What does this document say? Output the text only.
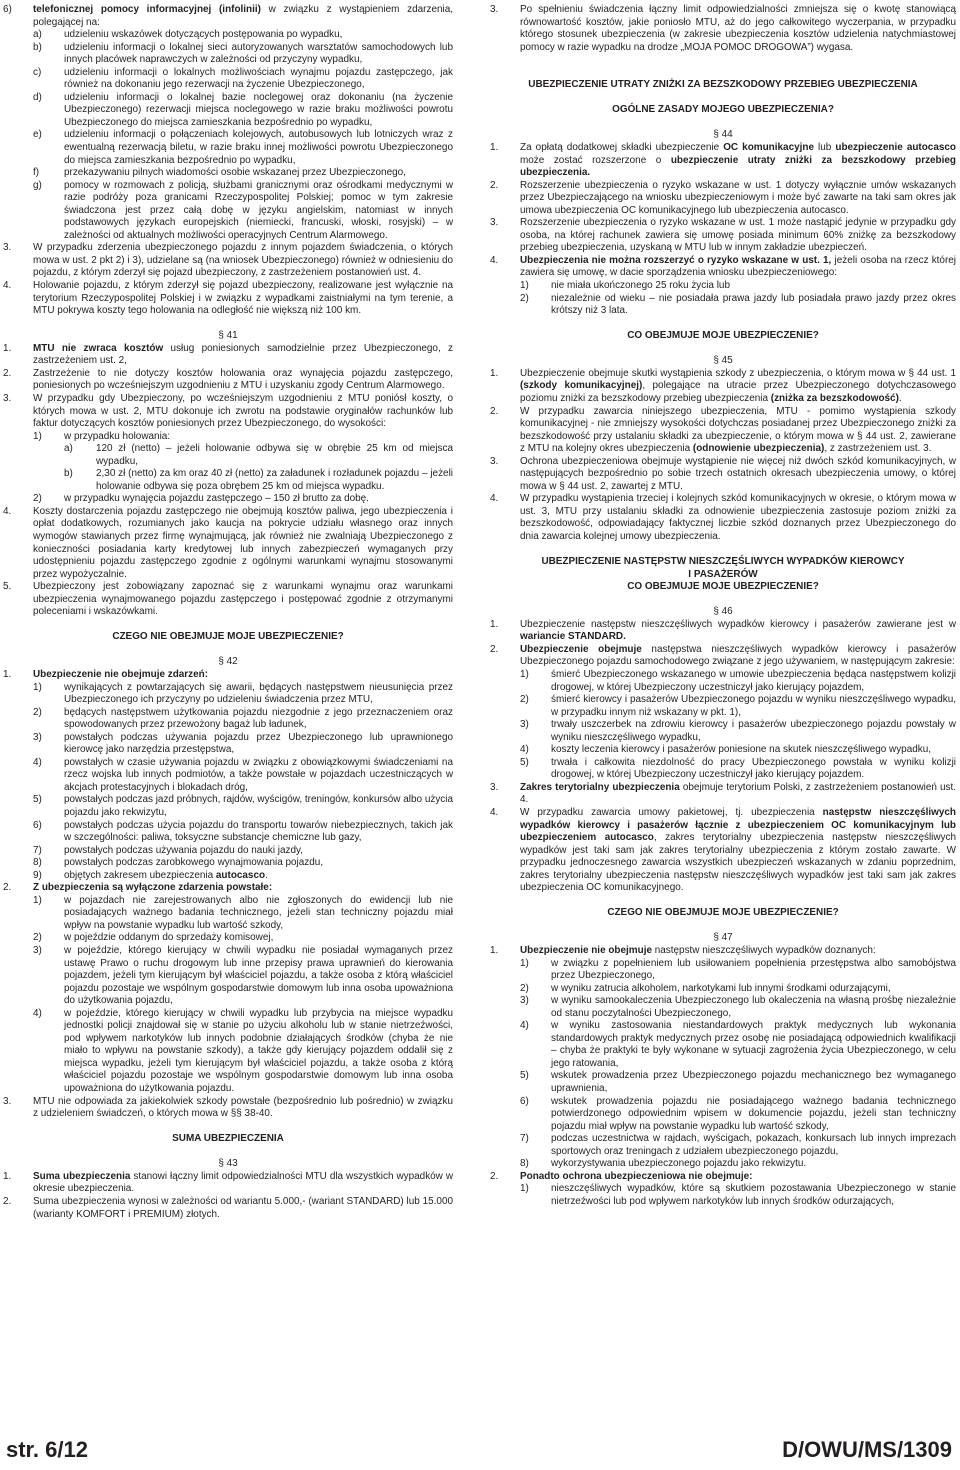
6)	telefonicznej pomocy informacyjnej (infolinii) w związku z wystąpieniem zdarzenia, polegającej na:
a)	udzieleniu wskazówek dotyczących postępowania po wypadku,
b)	udzieleniu informacji o lokalnej sieci autoryzowanych warsztatów samochodowych lub innych placówek naprawczych w zależności od przyczyny wypadku,
c)	udzieleniu informacji o lokalnych możliwościach wynajmu pojazdu zastępczego, jak również na dokonaniu jego rezerwacji na życzenie Ubezpieczonego,
d)	udzieleniu informacji o lokalnej bazie noclegowej oraz dokonaniu (na życzenie Ubezpieczonego) rezerwacji miejsca noclegowego w razie braku możliwości powrotu Ubezpieczonego do miejsca zamieszkania bezpośrednio po wypadku,
e)	udzieleniu informacji o połączeniach kolejowych, autobusowych lub lotniczych wraz z ewentualną rezerwacją biletu, w razie braku innej możliwości powrotu Ubezpieczonego do miejsca zamieszkania bezpośrednio po wypadku,
f)	przekazywaniu pilnych wiadomości osobie wskazanej przez Ubezpieczonego,
g)	pomocy w rozmowach z policją, służbami granicznymi oraz ośrodkami medycznymi w razie podróży poza granicami Rzeczypospolitej Polskiej; pomoc w tym zakresie świadczona jest przez całą dobę w języku angielskim, natomiast w innych podstawowych językach europejskich (niemiecki, francuski, włoski, rosyjski) – w zależności od aktualnych możliwości operacyjnych Centrum Alarmowego.
3.	W przypadku zderzenia ubezpieczonego pojazdu z innym pojazdem świadczenia, o których mowa w ust. 2 pkt 2) i 3), udzielane są (na wniosek Ubezpieczonego) również w odniesieniu do pojazdu, z którym zderzył się pojazd ubezpieczony, z zastrzeżeniem postanowień ust. 4.
4.	Holowanie pojazdu, z którym zderzył się pojazd ubezpieczony, realizowane jest wyłącznie na terytorium Rzeczypospolitej Polskiej i w związku z wypadkami zaistniałymi na tym terenie, a MTU pokrywa koszty tego holowania na odległość nie większą niż 100 km.
§ 41
1.	MTU nie zwraca kosztów usług poniesionych samodzielnie przez Ubezpieczonego, z zastrzeżeniem ust. 2,
2.	Zastrzeżenie to nie dotyczy kosztów holowania oraz wynajęcia pojazdu zastępczego, poniesionych po wcześniejszym uzgodnieniu z MTU i uzyskaniu zgody Centrum Alarmowego.
3.	W przypadku gdy Ubezpieczony, po wcześniejszym uzgodnieniu z MTU poniósł koszty, o których mowa w ust. 2, MTU dokonuje ich zwrotu na podstawie oryginałów rachunków lub faktur dotyczących kosztów poniesionych przez Ubezpieczonego, do wysokości:
1)	w przypadku holowania:
a)	120 zł (netto) – jeżeli holowanie odbywa się w obrębie 25 km od miejsca wypadku,
b)	2,30 zł (netto) za km oraz 40 zł (netto) za załadunek i rozładunek pojazdu – jeżeli holowanie odbywa się poza obrębem 25 km od miejsca wypadku.
2)	w przypadku wynajęcia pojazdu zastępczego – 150 zł brutto za dobę.
4.	Koszty dostarczenia pojazdu zastępczego nie obejmują kosztów paliwa, jego ubezpieczenia i opłat dodatkowych, rozumianych jako kaucja na pokrycie udziału własnego oraz innych wymogów stawianych przez firmę wynajmującą, jak również nie zwalniają Ubezpieczonego z konieczności posiadania karty kredytowej lub innych zabezpieczeń wymaganych przy udostępnieniu pojazdu zastępczego zgodnie z ogólnymi warunkami wynajmu stosowanymi przez wypożyczalnie.
5.	Ubezpieczony jest zobowiązany zapoznać się z warunkami wynajmu oraz warunkami ubezpieczenia wynajmowanego pojazdu zastępczego i postępować zgodnie z otrzymanymi poleceniami i wskazówkami.
CZEGO NIE OBEJMUJE MOJE UBEZPIECZENIE?
§ 42
1.	Ubezpieczenie nie obejmuje zdarzeń:
1)	wynikających z powtarzających się awarii, będących następstwem nieusunięcia przez Ubezpieczonego ich przyczyny po udzieleniu świadczenia przez MTU,
2)	będących następstwem użytkowania pojazdu niezgodnie z jego przeznaczeniem oraz spowodowanych przez przewożony bagaż lub ładunek,
3)	powstałych podczas używania pojazdu przez Ubezpieczonego lub uprawnionego kierowcę jako narzędzia przestępstwa,
4)	powstałych w czasie używania pojazdu w związku z obowiązkowymi świadczeniami na rzecz wojska lub innych podmiotów, a także powstałe w pojazdach uczestniczących w akcjach protestacyjnych i blokadach dróg,
5)	powstałych podczas jazd próbnych, rajdów, wyścigów, treningów, konkursów albo użycia pojazdu jako rekwizytu,
6)	powstałych podczas użycia pojazdu do transportu towarów niebezpiecznych, takich jak w szczególności: paliwa, toksyczne substancje chemiczne lub gazy,
7)	powstałych podczas używania pojazdu do nauki jazdy,
8)	powstałych podczas zarobkowego wynajmowania pojazdu,
9)	objętych zakresem ubezpieczenia autocasco.
2.	Z ubezpieczenia są wyłączone zdarzenia powstałe:
1)	w pojazdach nie zarejestrowanych albo nie zgłoszonych do ewidencji lub nie posiadających ważnego badania technicznego, jeżeli stan techniczny pojazdu miał wpływ na powstanie wypadku lub wartość szkody,
2)	w pojeździe oddanym do sprzedaży komisowej,
3)	w pojeździe, którego kierujący w chwili wypadku nie posiadał wymaganych przez ustawę Prawo o ruchu drogowym lub inne przepisy prawa uprawnień do kierowania pojazdem, jeżeli tym kierującym był właściciel pojazdu, a także osoba z którą właściciel pojazdu pozostaje we wspólnym gospodarstwie domowym lub inna osoba upoważniona do użytkowania pojazdu,
4)	w pojeździe, którego kierujący w chwili wypadku lub przybycia na miejsce wypadku jednostki policji znajdował się w stanie po użyciu alkoholu lub w stanie nietrzeźwości, pod wpływem narkotyków lub innych podobnie działających środków (chyba że nie miało to wpływu na powstanie szkody), a także gdy kierujący pojazdem oddalił się z miejsca wypadku, jeżeli tym kierującym był właściciel pojazdu, a także osoba z którą właściciel pojazdu pozostaje we wspólnym gospodarstwie domowym lub inna osoba upoważniona do użytkowania pojazdu.
3.	MTU nie odpowiada za jakiekolwiek szkody powstałe (bezpośrednio lub pośrednio) w związku z udzieleniem świadczeń, o których mowa w §§ 38-40.
SUMA UBEZPIECZENIA
§ 43
1.	Suma ubezpieczenia stanowi łączny limit odpowiedzialności MTU dla wszystkich wypadków w okresie ubezpieczenia.
2.	Suma ubezpieczenia wynosi w zależności od wariantu 5.000,- (wariant STANDARD) lub 15.000 (warianty KOMFORT i PREMIUM) złotych.
3.	Po spełnieniu świadczenia łączny limit odpowiedzialności zmniejsza się o kwotę stanowiącą równowartość kosztów, jakie poniosło MTU, aż do jego całkowitego wyczerpania, w przypadku którego stosunek ubezpieczenia (w zakresie ubezpieczenia kosztów udzielenia natychmiastowej pomocy w razie wypadku na drodze „MOJA POMOC DROGOWA”) wygasa.
UBEZPIECZENIE UTRATY ZNIŻKI ZA BEZSZKODOWY PRZEBIEG UBEZPIECZENIA
OGÓLNE ZASADY MOJEGO UBEZPIECZENIA?
§ 44
1.	Za opłatą dodatkowej składki ubezpieczenie OC komunikacyjne lub ubezpieczenie autocasco może zostać rozszerzone o ubezpieczenie utraty zniżki za bezszkodowy przebieg ubezpieczenia.
2.	Rozszerzenie ubezpieczenia o ryzyko wskazane w ust. 1 dotyczy wyłącznie umów wskazanych przez Ubezpieczającego na wniosku ubezpieczeniowym i może być zawarte na taki sam okres jak umowa ubezpieczenia OC komunikacyjnego lub ubezpieczenia autocasco.
3.	Rozszerzenie ubezpieczenia o ryzyko wskazane w ust. 1 może nastąpić jedynie w przypadku gdy osoba, na której rachunek zawiera się umowę posiada minimum 60% zniżkę za bezszkodowy przebieg ubezpieczenia, uzyskaną w MTU lub w innym zakładzie ubezpieczeń.
4.	Ubezpieczenia nie można rozszerzyć o ryzyko wskazane w ust. 1, jeżeli osoba na rzecz której zawiera się umowę, w dacie sporządzenia wniosku ubezpieczeniowego:
1)	nie miała ukończonego 25 roku życia lub
2)	niezależnie od wieku – nie posiadała prawa jazdy lub posiadała prawo jazdy przez okres krótszy niż 3 lata.
CO OBEJMUJE MOJE UBEZPIECZENIE?
§ 45
1.	Ubezpieczenie obejmuje skutki wystąpienia szkody z ubezpieczenia, o którym mowa w § 44 ust. 1 (szkody komunikacyjnej), polegające na utracie przez Ubezpieczonego dotychczasowego poziomu zniżki za bezszkodowy przebieg ubezpieczenia (zniżka za bezszkodowość).
2.	W przypadku zawarcia niniejszego ubezpieczenia, MTU - pomimo wystąpienia szkody komunikacyjnej - nie zmniejszy wysokości dotychczas posiadanej przez Ubezpieczonego zniżki za bezszkodowość przy ustalaniu składki za ubezpieczenie, o którym mowa w § 44 ust. 2, zawierane z MTU na kolejny okres ubezpieczenia (odnowienie ubezpieczenia), z zastrzeżeniem ust. 3.
3.	Ochrona ubezpieczeniowa obejmuje wystąpienie nie więcej niż dwóch szkód komunikacyjnych, w następujących bezpośrednio po sobie trzech ostatnich okresach ubezpieczenia umowy, o której mowa w § 44 ust. 2, zawartej z MTU.
4.	W przypadku wystąpienia trzeciej i kolejnych szkód komunikacyjnych w okresie, o którym mowa w ust. 3, MTU przy ustalaniu składki za odnowienie ubezpieczenia zastosuje poziom zniżki za bezszkodowość, odpowiadający faktycznej liczbie szkód doznanych przez Ubezpieczonego do dnia zawarcia kolejnej umowy ubezpieczenia.
UBEZPIECZENIE NASTĘPSTW NIESZCZĘŚLIWYCH WYPADKÓW KIEROWCY
I PASAŻERÓW
CO OBEJMUJE MOJE UBEZPIECZENIE?
§ 46
1.	Ubezpieczenie następstw nieszczęśliwych wypadków kierowcy i pasażerów zawierane jest w wariancie STANDARD.
2.	Ubezpieczenie obejmuje następstwa nieszczęśliwych wypadków kierowcy i pasażerów Ubezpieczonego pojazdu samochodowego związane z jego używaniem, w następującym zakresie:
1)	śmierć Ubezpieczonego wskazanego w umowie ubezpieczenia będąca następstwem kolizji drogowej, w której Ubezpieczony uczestniczył jako kierujący pojazdem,
2)	śmierć kierowcy i pasażerów Ubezpieczonego pojazdu w wyniku nieszczęśliwego wypadku, w przypadku innym niż wskazany w pkt. 1),
3)	trwały uszczerbek na zdrowiu kierowcy i pasażerów ubezpieczonego pojazdu powstały w wyniku nieszczęśliwego wypadku,
4)	koszty leczenia kierowcy i pasażerów poniesione na skutek nieszczęśliwego wypadku,
5)	trwała i całkowita niezdolność do pracy Ubezpieczonego powstała w wyniku kolizji drogowej, w której Ubezpieczony uczestniczył jako kierujący pojazdem.
3.	Zakres terytorialny ubezpieczenia obejmuje terytorium Polski, z zastrzeżeniem postanowień ust. 4.
4.	W przypadku zawarcia umowy pakietowej, tj. ubezpieczenia następstw nieszczęśliwych wypadków kierowcy i pasażerów łącznie z ubezpieczeniem OC komunikacyjnym lub ubezpieczeniem autocasco, zakres terytorialny ubezpieczenia następstw nieszczęśliwych wypadków jest taki sam jak zakres terytorialny ubezpieczenia z którym zostało zawarte. W przypadku jednoczesnego zawarcia wszystkich ubezpieczeń wskazanych w zdaniu poprzednim, zakres terytorialny ubezpieczenia następstw nieszczęśliwych wypadków jest taki sam jak zakres ubezpieczenia OC komunikacyjnego.
CZEGO NIE OBEJMUJE MOJE UBEZPIECZENIE?
§ 47
1.	Ubezpieczenie nie obejmuje następstw nieszczęśliwych wypadków doznanych:
1)	w związku z popełnieniem lub usiłowaniem popełnienia przestępstwa albo samobójstwa przez Ubezpieczonego,
2)	w wyniku zatrucia alkoholem, narkotykami lub innymi środkami odurzającymi,
3)	w wyniku samookaleczenia Ubezpieczonego lub okaleczenia na własną prośbę niezależnie od stanu poczytalności Ubezpieczonego,
4)	w wyniku zastosowania niestandardowych praktyk medycznych lub wykonania standardowych praktyk medycznych przez osobę nie posiadającą odpowiednich kwalifikacji – chyba że praktyki te były wykonane w sytuacji zagrożenia życia Ubezpieczonego, w celu jego ratowania,
5)	wskutek prowadzenia przez Ubezpieczonego pojazdu mechanicznego bez wymaganego uprawnienia,
6)	wskutek prowadzenia pojazdu nie posiadającego ważnego badania technicznego potwierdzonego odpowiednim wpisem w dokumencie pojazdu, jeżeli stan techniczny pojazdu miał wpływ na powstanie wypadku lub wartość szkody,
7)	podczas uczestnictwa w rajdach, wyścigach, pokazach, konkursach lub innych imprezach sportowych oraz treningach z udziałem ubezpieczonego pojazdu,
8)	wykorzystywania ubezpieczonego pojazdu jako rekwizytu.
2.	Ponadto ochrona ubezpieczeniowa nie obejmuje:
1)	nieszczęśliwych wypadków, które są skutkiem pozostawania Ubezpieczonego w stanie nietrzeźwości lub pod wpływem narkotyków lub innych środków odurzających,
str. 6/12	D/OWU/MS/1309
